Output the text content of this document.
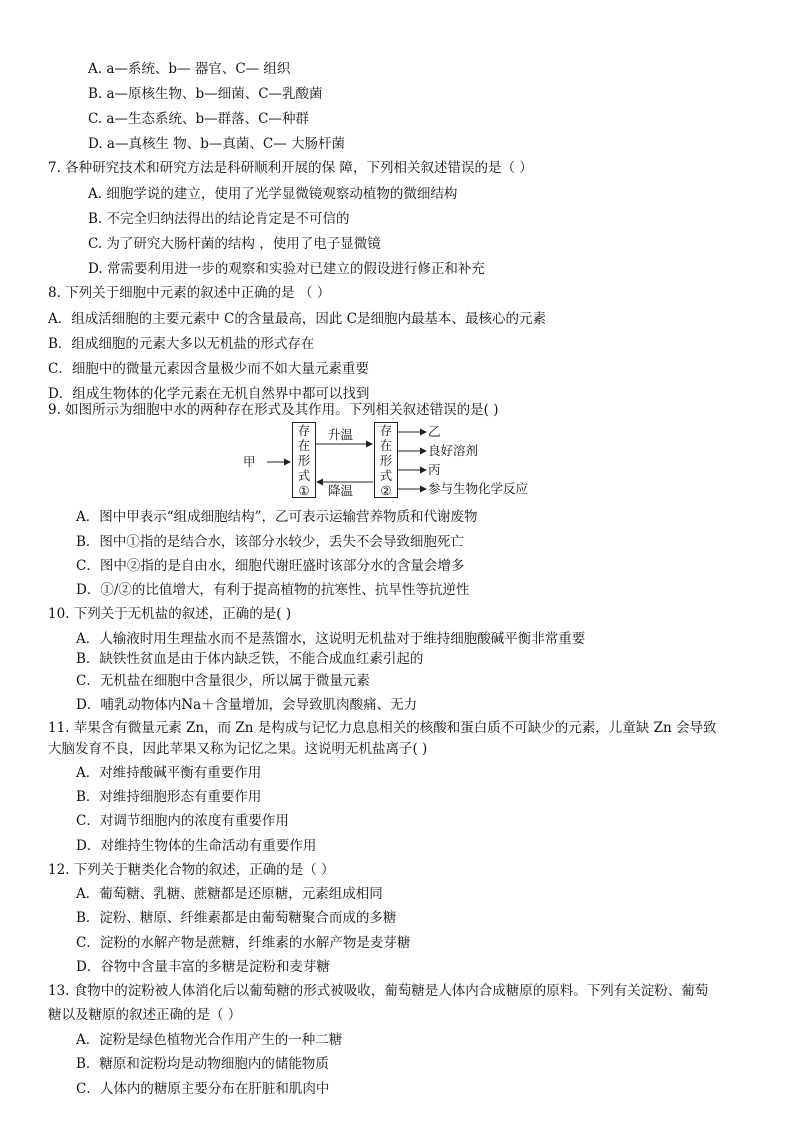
A. a—系统、b— 器官、C— 组织
B. a—原核生物、b—细菌、C—乳酸菌
C. a—生态系统、b—群落、C—种群
D. a—真核生 物、b—真菌、C— 大肠杆菌
7. 各种研究技术和研究方法是科研顺利开展的保 障，下列相关叙述错误的是（ ）
A. 细胞学说的建立，使用了光学显微镜观察动植物的微细结构
B. 不完全归纳法得出的结论肯定是不可信的
C. 为了研究大肠杆菌的结构 ，使用了电子显微镜
D. 常需要利用进一步的观察和实验对已建立的假设进行修正和补充
8. 下列关于细胞中元素的叙述中正确的是 （ ）
A．组成活细胞的主要元素中 C的含量最高，因此 C是细胞内最基本、最核心的元素
B．组成细胞的元素大多以无机盐的形式存在
C．细胞中的微量元素因含量极少而不如大量元素重要
D．组成生物体的化学元素在无机自然界中都可以找到
9. 如图所示为细胞中水的两种存在形式及其作用。下列相关叙述错误的是( )
甲
存
在
形
式
①
存
在
形
式
②
升温
降温
乙
良好溶剂
丙
参与生物化学反应
A．图中甲表示“组成细胞结构”，乙可表示运输营养物质和代谢废物
B．图中①指的是结合水，该部分水较少，丢失不会导致细胞死亡
C．图中②指的是自由水，细胞代谢旺盛时该部分水的含量会增多
D．①/②的比值增大，有利于提高植物的抗寒性、抗旱性等抗逆性
10. 下列关于无机盐的叙述，正确的是( )
A．人输液时用生理盐水而不是蒸馏水，这说明无机盐对于维持细胞酸碱平衡非常重要
B．缺铁性贫血是由于体内缺乏铁，不能合成血红素引起的
C．无机盐在细胞中含量很少，所以属于微量元素
D．哺乳动物体内Na＋含量增加，会导致肌肉酸痛、无力
11. 苹果含有微量元素 Zn，而 Zn 是构成与记忆力息息相关的核酸和蛋白质不可缺少的元素，儿童缺 Zn 会导致
大脑发育不良，因此苹果又称为记忆之果。这说明无机盐离子( )
A．对维持酸碱平衡有重要作用
B．对维持细胞形态有重要作用
C．对调节细胞内的浓度有重要作用
D．对维持生物体的生命活动有重要作用
12. 下列关于糖类化合物的叙述，正确的是（ ）
A．葡萄糖、乳糖、蔗糖都是还原糖，元素组成相同
B．淀粉、糖原、纤维素都是由葡萄糖聚合而成的多糖
C．淀粉的水解产物是蔗糖，纤维素的水解产物是麦芽糖
D．谷物中含量丰富的多糖是淀粉和麦芽糖
13. 食物中的淀粉被人体消化后以葡萄糖的形式被吸收，葡萄糖是人体内合成糖原的原料。下列有关淀粉、葡萄
糖以及糖原的叙述正确的是（ ）
A．淀粉是绿色植物光合作用产生的一种二糖
B．糖原和淀粉均是动物细胞内的储能物质
C．人体内的糖原主要分布在肝脏和肌肉中
